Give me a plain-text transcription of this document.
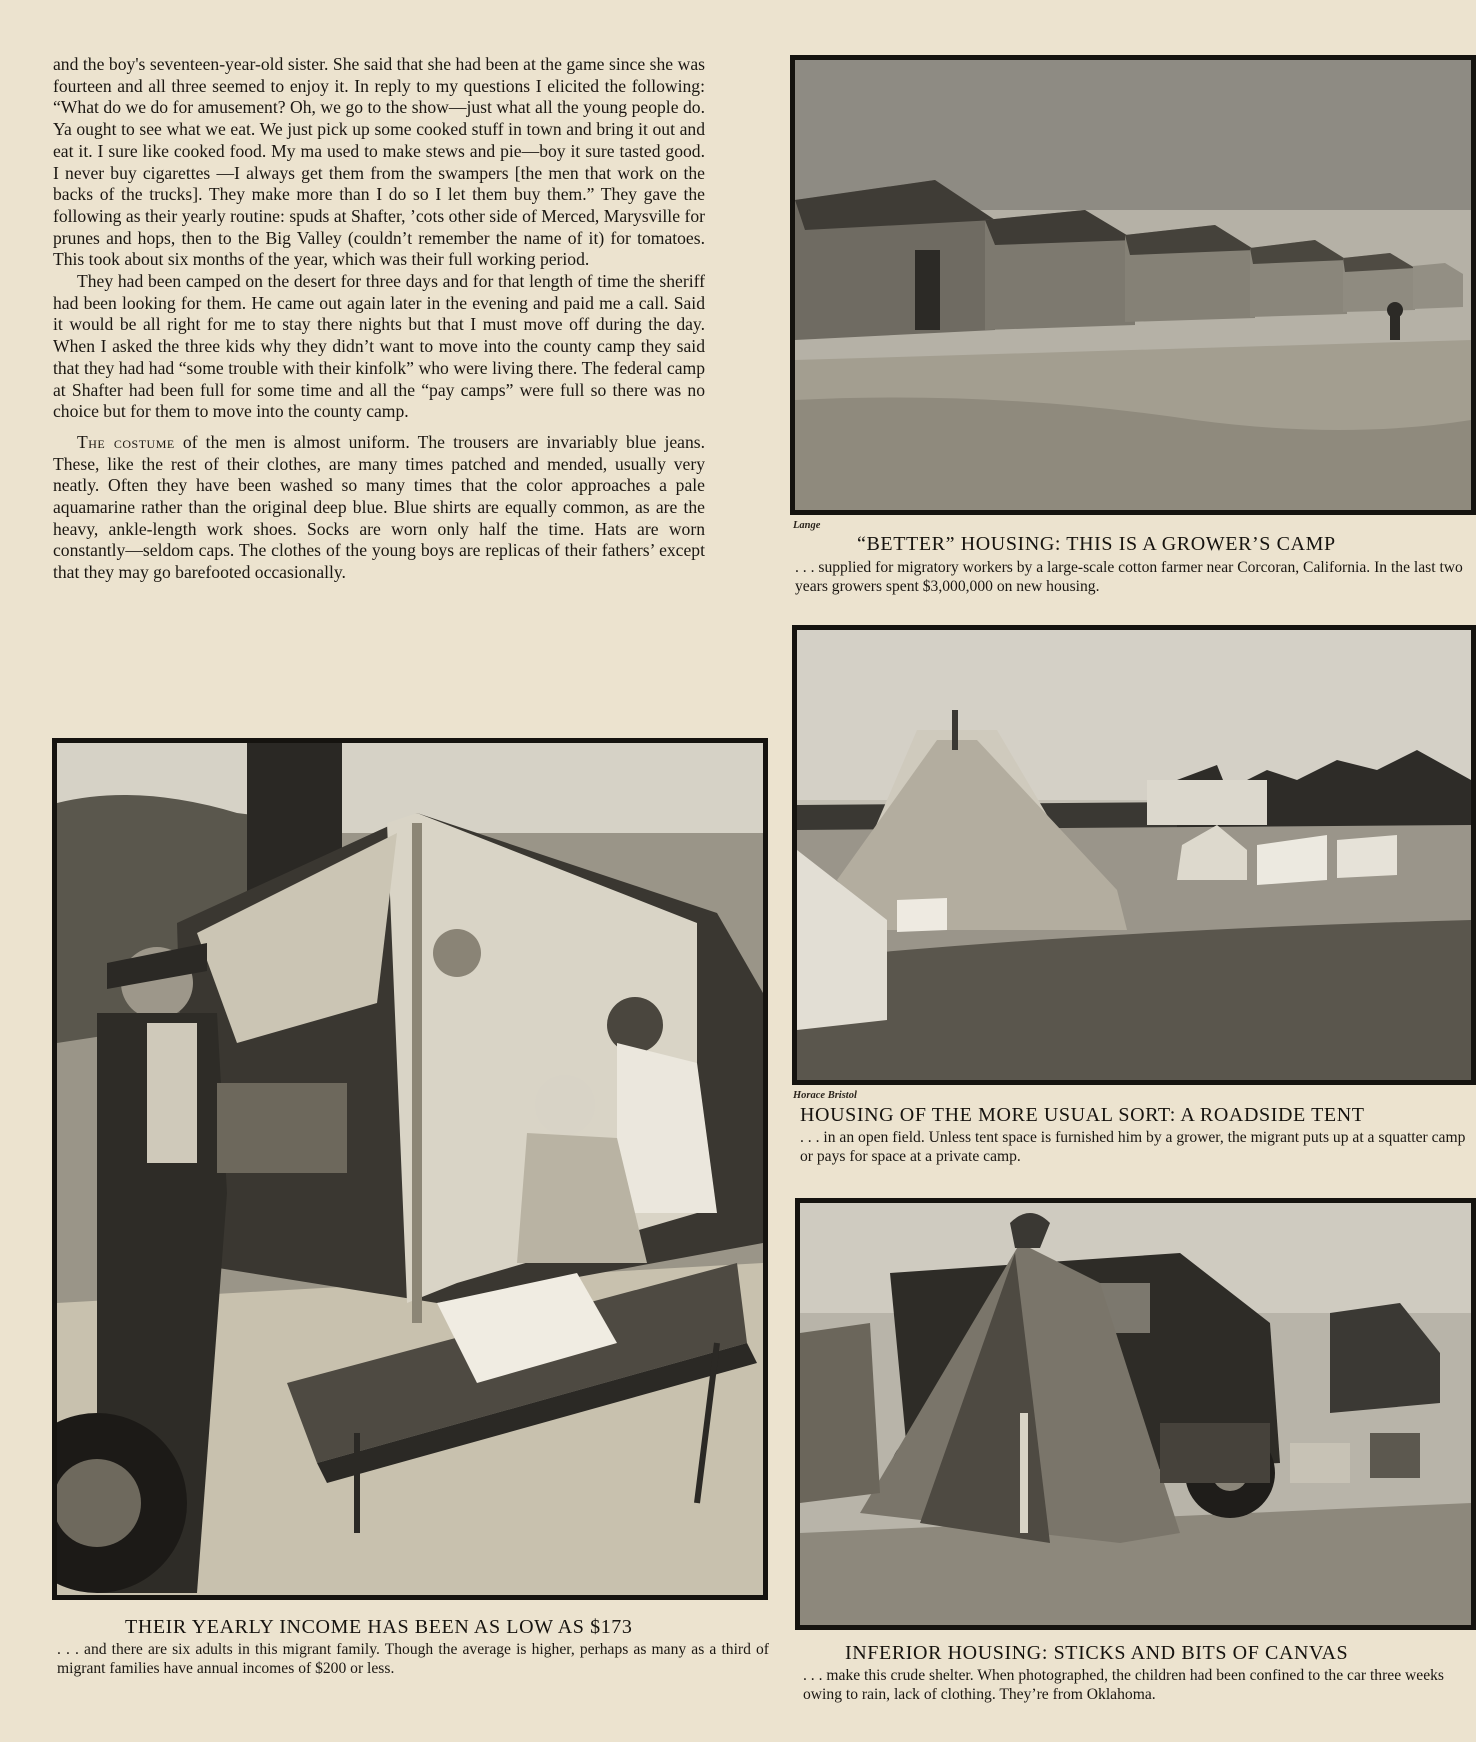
and the boy's seventeen-year-old sister. She said that she had been at the game since she was fourteen and all three seemed to enjoy it. In reply to my questions I elicited the following: “What do we do for amusement? Oh, we go to the show—just what all the young people do. Ya ought to see what we eat. We just pick up some cooked stuff in town and bring it out and eat it. I sure like cooked food. My ma used to make stews and pie—boy it sure tasted good. I never buy cigarettes —I always get them from the swampers [the men that work on the backs of the trucks]. They make more than I do so I let them buy them.” They gave the following as their yearly routine: spuds at Shafter, ’cots other side of Merced, Marysville for prunes and hops, then to the Big Valley (couldn’t remember the name of it) for tomatoes. This took about six months of the year, which was their full working period.

They had been camped on the desert for three days and for that length of time the sheriff had been looking for them. He came out again later in the evening and paid me a call. Said it would be all right for me to stay there nights but that I must move off during the day. When I asked the three kids why they didn’t want to move into the county camp they said that they had had “some trouble with their kinfolk” who were living there. The federal camp at Shafter had been full for some time and all the “pay camps” were full so there was no choice but for them to move into the county camp.

The costume of the men is almost uniform. The trousers are invariably blue jeans. These, like the rest of their clothes, are many times patched and mended, usually very neatly. Often they have been washed so many times that the color approaches a pale aquamarine rather than the original deep blue. Blue shirts are equally common, as are the heavy, ankle-length work shoes. Socks are worn only half the time. Hats are worn constantly—seldom caps. The clothes of the young boys are replicas of their fathers’ except that they may go barefooted occasionally.

THEIR YEARLY INCOME HAS BEEN AS LOW AS $173
. . . and there are six adults in this migrant family. Though the average is higher, perhaps as many as a third of migrant families have annual incomes of $200 or less.
Lange
“BETTER” HOUSING: THIS IS A GROWER’S CAMP
. . . supplied for migratory workers by a large-scale cotton farmer near Corcoran, California. In the last two years growers spent $3,000,000 on new housing.
Horace Bristol
HOUSING OF THE MORE USUAL SORT: A ROADSIDE TENT
. . . in an open field. Unless tent space is furnished him by a grower, the migrant puts up at a squatter camp or pays for space at a private camp.
INFERIOR HOUSING: STICKS AND BITS OF CANVAS
. . . make this crude shelter. When photographed, the children had been confined to the car three weeks owing to rain, lack of clothing. They’re from Oklahoma.
